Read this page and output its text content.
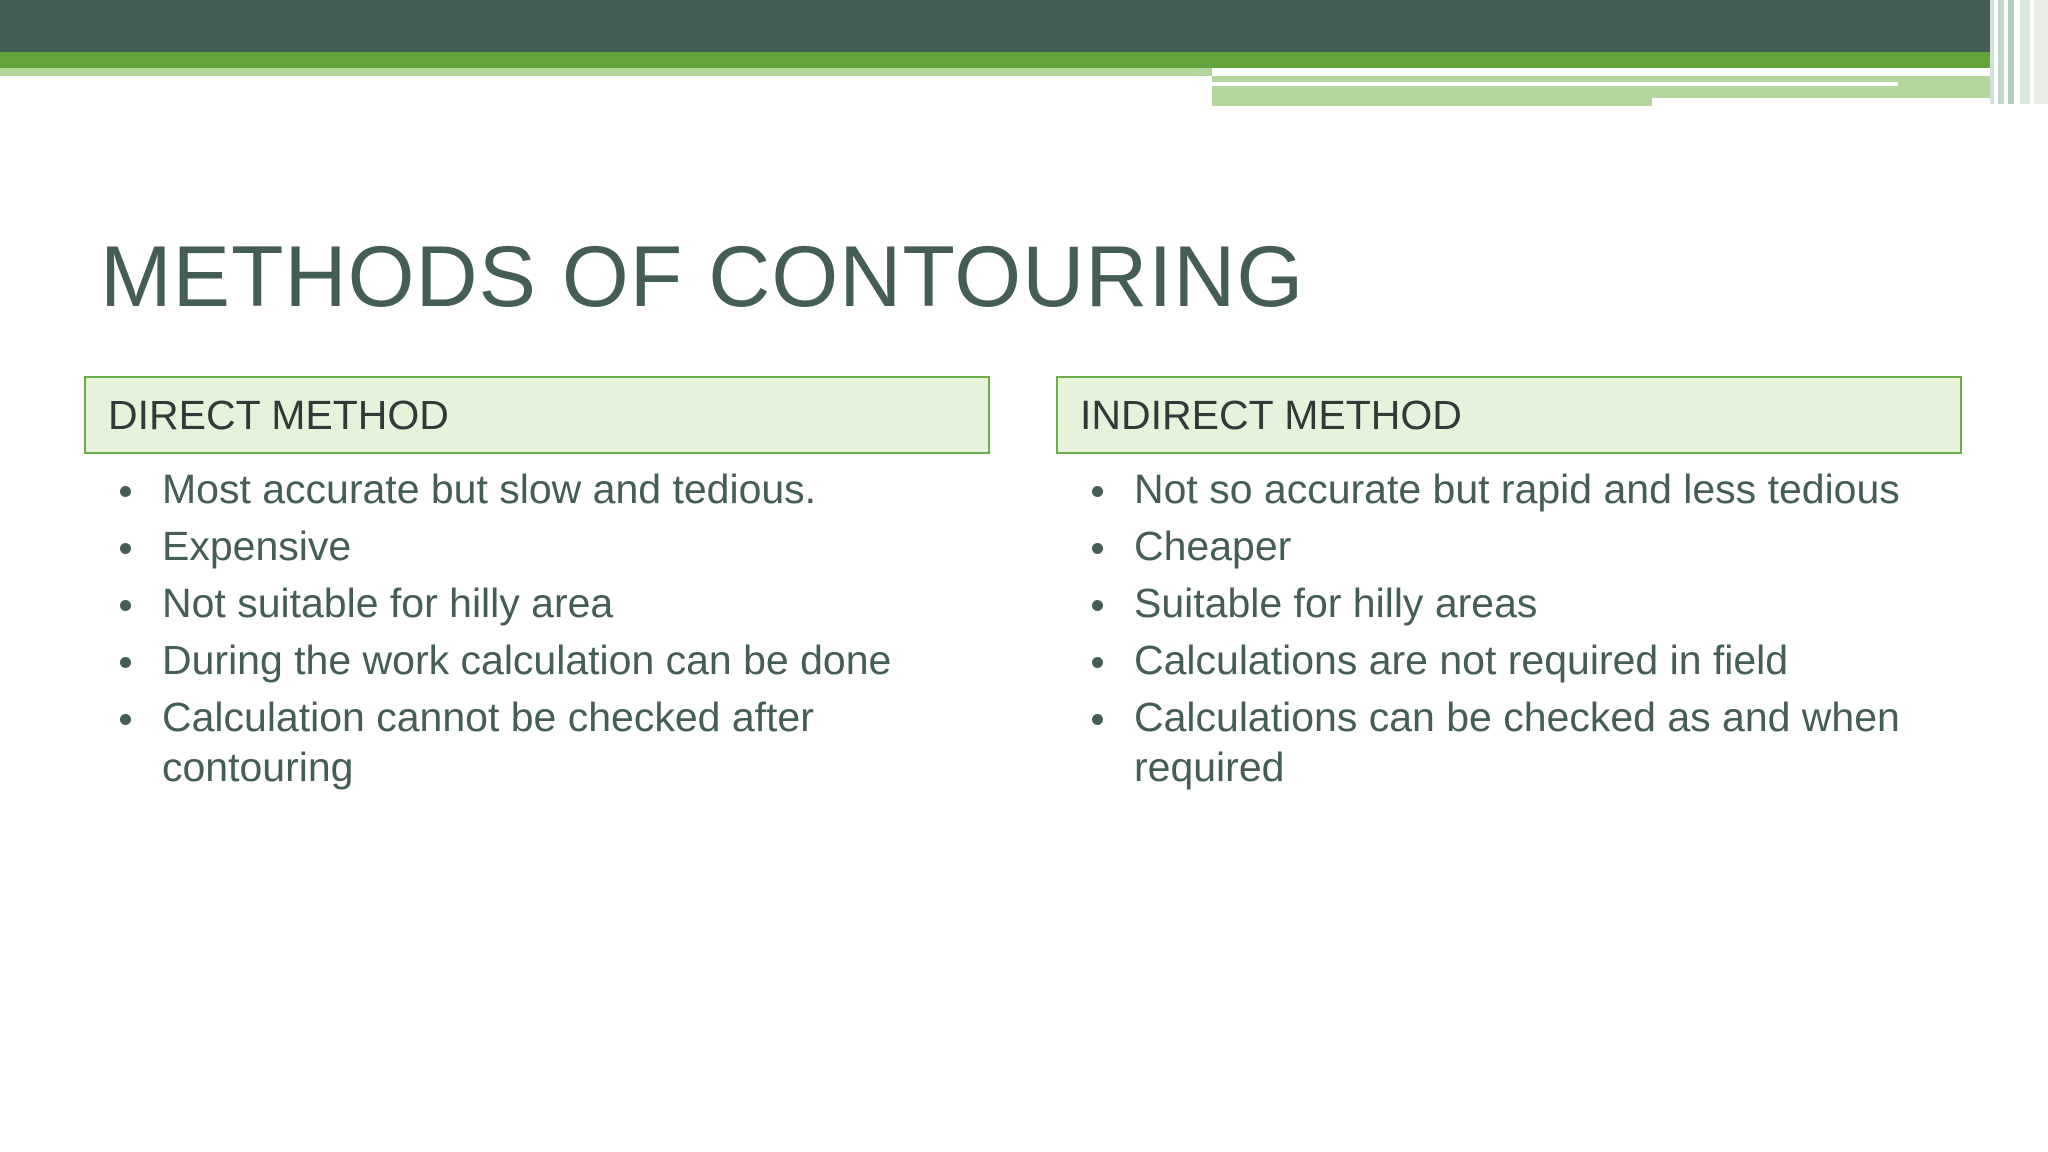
METHODS OF CONTOURING
DIRECT METHOD
Most accurate but slow and tedious.
Expensive
Not suitable for hilly area
During the work calculation can be done
Calculation cannot be checked after contouring
INDIRECT METHOD
Not so accurate but rapid and less tedious
Cheaper
Suitable for hilly areas
Calculations are not required in field
Calculations can be checked as and when required
